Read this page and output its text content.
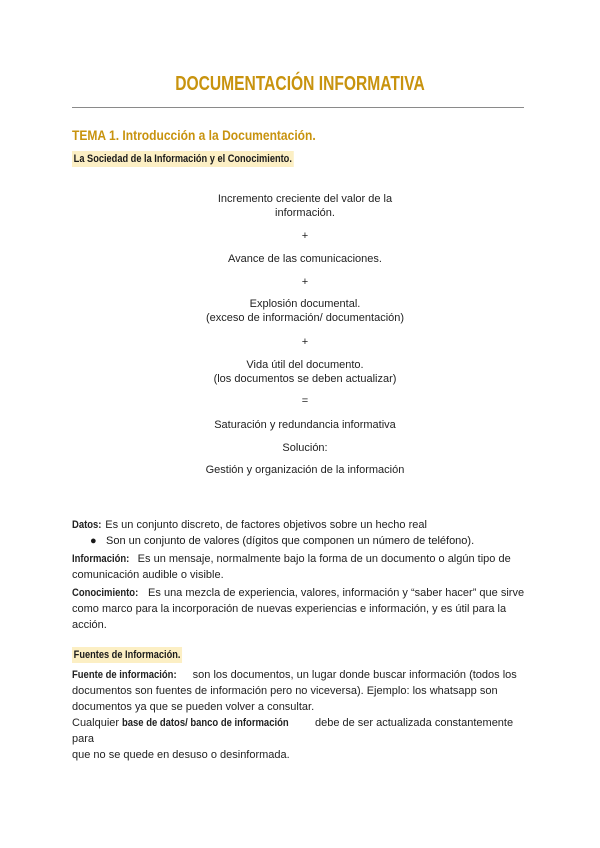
DOCUMENTACIÓN INFORMATIVA
TEMA 1. Introducción a la Documentación.
La Sociedad de la Información y el Conocimiento.
Incremento creciente del valor de la
información.
+
Avance de las comunicaciones.
+
Explosión documental.
(exceso de información/ documentación)
+
Vida útil del documento.
(los documentos se deben actualizar)
=
Saturación y redundancia informativa
Solución:
Gestión y organización de la información

Datos: Es un conjunto discreto, de factores objetivos sobre un hecho real

● Son un conjunto de valores (dígitos que componen un número de teléfono).

Información: Es un mensaje, normalmente bajo la forma de un documento o algún tipo de

comunicación audible o visible.

Conocimiento: Es una mezcla de experiencia, valores, información y “saber hacer” que sirve

como marco para la incorporación de nuevas experiencias e información, y es útil para la

acción.

Fuentes de Información.

Fuente de información: son los documentos, un lugar donde buscar información (todos los

documentos son fuentes de información pero no viceversa). Ejemplo: los whatsapp son

documentos ya que se pueden volver a consultar.

Cualquier base de datos/ banco de información debe de ser actualizada constantemente para

que no se quede en desuso o desinformada.
